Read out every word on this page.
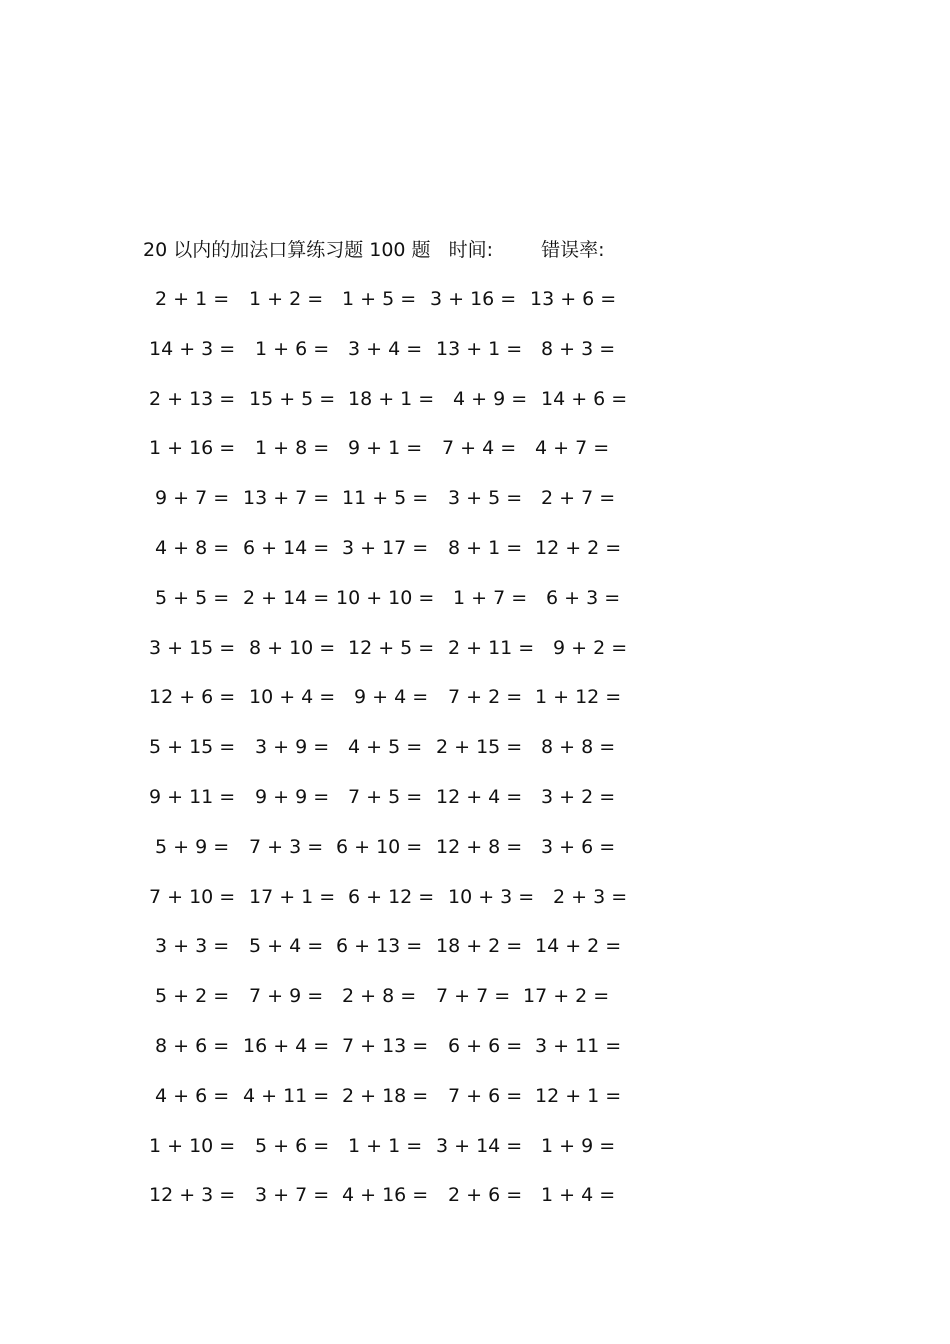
20 以内的加法口算练习题 100 题 时间:	错误率:
2 + 1 = 1 + 2 = 1 + 5 = 3 + 16 = 13 + 6 =
14 + 3 = 1 + 6 = 3 + 4 = 13 + 1 = 8 + 3 =
2 + 13 = 15 + 5 = 18 + 1 = 4 + 9 = 14 + 6 =
1 + 16 = 1 + 8 = 9 + 1 = 7 + 4 = 4 + 7 =
9 + 7 = 13 + 7 = 11 + 5 = 3 + 5 = 2 + 7 =
4 + 8 = 6 + 14 = 3 + 17 = 8 + 1 = 12 + 2 =
5 + 5 = 2 + 14 = 10 + 10 = 1 + 7 = 6 + 3 =
3 + 15 = 8 + 10 = 12 + 5 = 2 + 11 = 9 + 2 =
12 + 6 = 10 + 4 = 9 + 4 = 7 + 2 = 1 + 12 =
5 + 15 = 3 + 9 = 4 + 5 = 2 + 15 = 8 + 8 =
9 + 11 = 9 + 9 = 7 + 5 = 12 + 4 = 3 + 2 =
5 + 9 = 7 + 3 = 6 + 10 = 12 + 8 = 3 + 6 =
7 + 10 = 17 + 1 = 6 + 12 = 10 + 3 = 2 + 3 =
3 + 3 = 5 + 4 = 6 + 13 = 18 + 2 = 14 + 2 =
5 + 2 = 7 + 9 = 2 + 8 = 7 + 7 = 17 + 2 =
8 + 6 = 16 + 4 = 7 + 13 = 6 + 6 = 3 + 11 =
4 + 6 = 4 + 11 = 2 + 18 = 7 + 6 = 12 + 1 =
1 + 10 = 5 + 6 = 1 + 1 = 3 + 14 = 1 + 9 =
12 + 3 = 3 + 7 = 4 + 16 = 2 + 6 = 1 + 4 =
